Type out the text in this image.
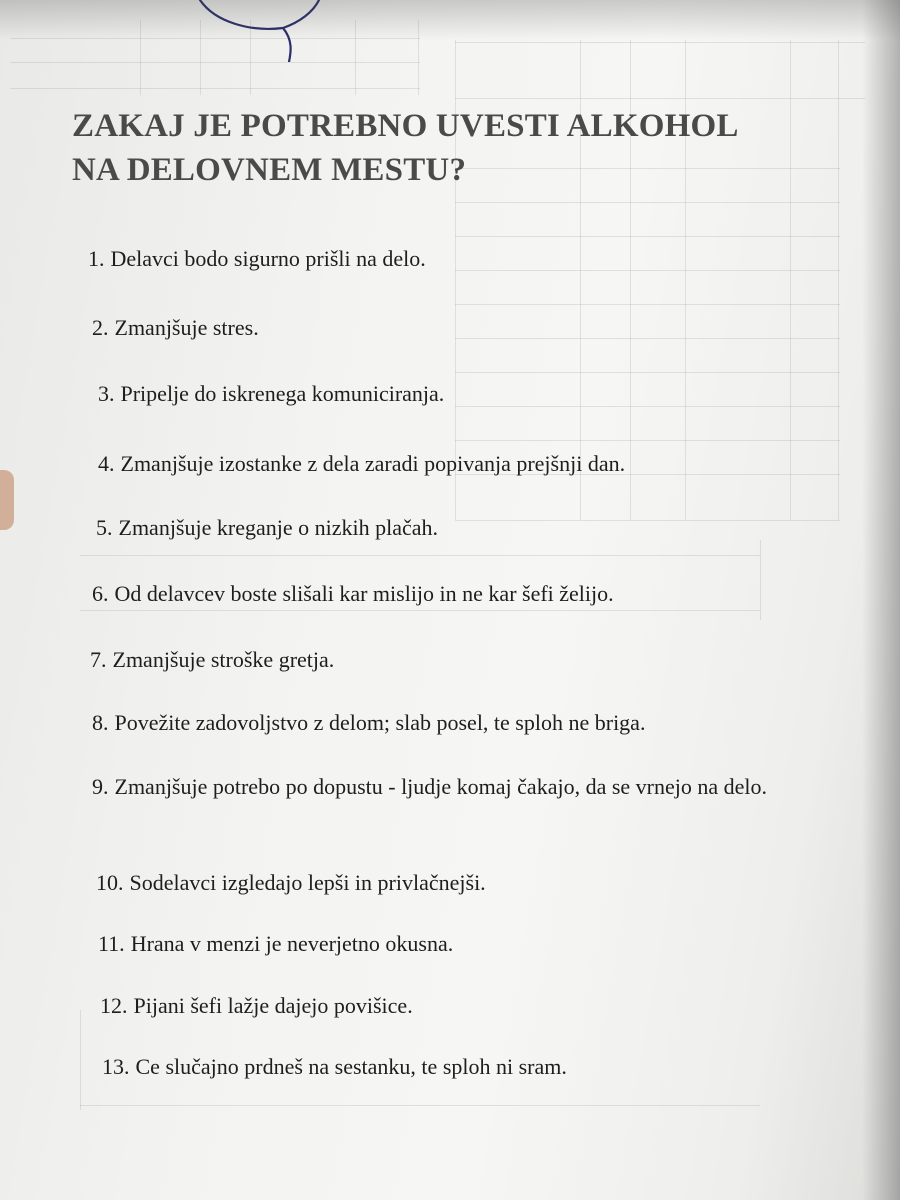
ZAKAJ JE POTREBNO UVESTI ALKOHOL
NA DELOVNEM MESTU?
1. Delavci bodo sigurno prišli na delo.
2. Zmanjšuje stres.
3. Pripelje do iskrenega komuniciranja.
4. Zmanjšuje izostanke z dela zaradi popivanja prejšnji dan.
5. Zmanjšuje kreganje o nizkih plačah.
6. Od delavcev boste slišali kar mislijo in ne kar šefi želijo.
7. Zmanjšuje stroške gretja.
8. Povežite zadovoljstvo z delom; slab posel, te sploh ne briga.
9. Zmanjšuje potrebo po dopustu - ljudje komaj čakajo, da se vrnejo na delo.
10. Sodelavci izgledajo lepši in privlačnejši.
11. Hrana v menzi je neverjetno okusna.
12. Pijani šefi lažje dajejo povišice.
13. Ce slučajno prdneš na sestanku, te sploh ni sram.
